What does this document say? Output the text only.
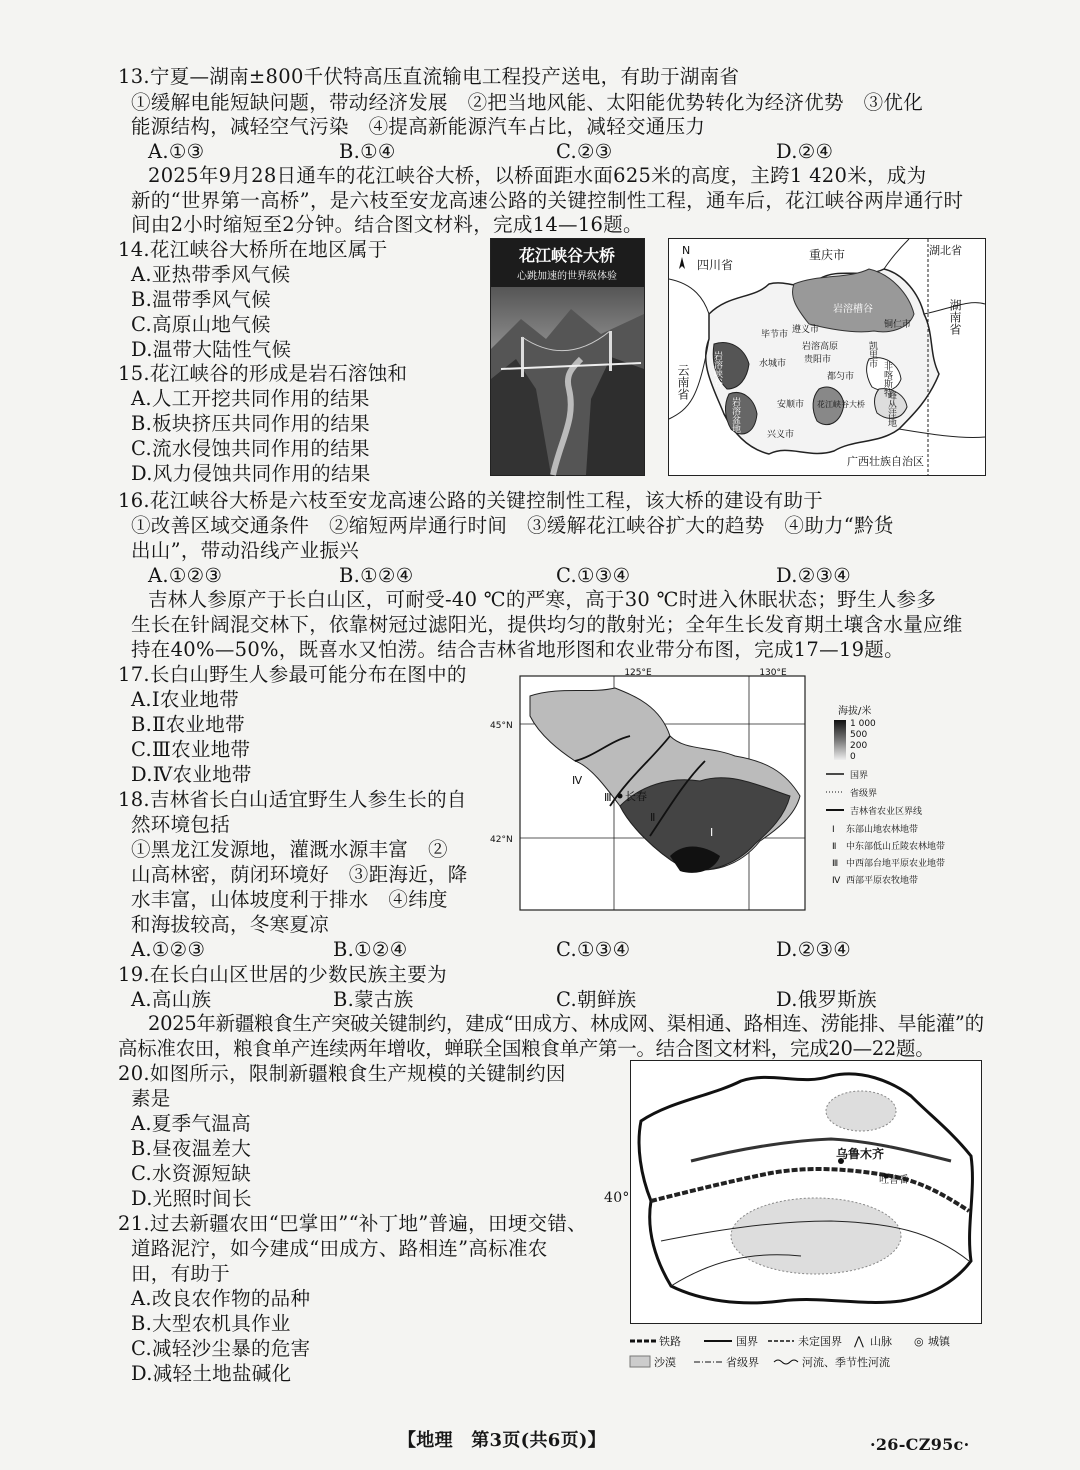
13.宁夏—湖南±800千伏特高压直流输电工程投产送电，有助于湖南省
①缓解电能短缺问题，带动经济发展　②把当地风能、太阳能优势转化为经济优势　③优化
能源结构，减轻空气污染　④提高新能源汽车占比，减轻交通压力
A.①③	B.①④	C.②③	D.②④
2025年9月28日通车的花江峡谷大桥，以桥面距水面625米的高度，主跨1 420米，成为
新的“世界第一高桥”，是六枝至安龙高速公路的关键控制性工程，通车后，花江峡谷两岸通行时
间由2小时缩短至2分钟。结合图文材料，完成14—16题。
14.花江峡谷大桥所在地区属于
A.亚热带季风气候
B.温带季风气候
C.高原山地气候
D.温带大陆性气候
15.花江峡谷的形成是岩石溶蚀和
A.人工开挖共同作用的结果
B.板块挤压共同作用的结果
C.流水侵蚀共同作用的结果
D.风力侵蚀共同作用的结果
16.花江峡谷大桥是六枝至安龙高速公路的关键控制性工程，该大桥的建设有助于
①改善区域交通条件　②缩短两岸通行时间　③缓解花江峡谷扩大的趋势　④助力“黔货
出山”，带动沿线产业振兴
A.①②③	B.①②④	C.①③④	D.②③④
吉林人参原产于长白山区，可耐受-40 ℃的严寒，高于30 ℃时进入休眠状态；野生人参多
生长在针阔混交林下，依靠树冠过滤阳光，提供均匀的散射光；全年生长发育期土壤含水量应维
持在40%—50%，既喜水又怕涝。结合吉林省地形图和农业带分布图，完成17—19题。
17.长白山野生人参最可能分布在图中的
A.Ⅰ农业地带
B.Ⅱ农业地带
C.Ⅲ农业地带
D.Ⅳ农业地带
18.吉林省长白山适宜野生人参生长的自
然环境包括
①黑龙江发源地，灌溉水源丰富　②
山高林密，荫闭环境好　③距海近，降
水丰富，山体坡度利于排水　④纬度
和海拔较高，冬寒夏凉
A.①②③	B.①②④	C.①③④	D.②③④
19.在长白山区世居的少数民族主要为
A.高山族	B.蒙古族	C.朝鲜族	D.俄罗斯族
2025年新疆粮食生产突破关键制约，建成“田成方、林成网、渠相通、路相连、涝能排、旱能灌”的
高标准农田，粮食单产连续两年增收，蝉联全国粮食单产第一。结合图文材料，完成20—22题。
20.如图所示，限制新疆粮食生产规模的关键制约因
素是
A.夏季气温高
B.昼夜温差大
C.水资源短缺
D.光照时间长
21.过去新疆农田“巴掌田”“补丁地”普遍，田埂交错、
道路泥泞，如今建成“田成方、路相连”高标准农
田，有助于
A.改良农作物的品种
B.大型农机具作业
C.减轻沙尘暴的危害
D.减轻土地盐碱化
花江峡谷大桥
心跳加速的世界级体验
N
四川省
重庆市	湖北省
湖南省
云南省
广西壮族自治区
岩溶槽谷
遵义市
毕节市
铜仁市
岩溶高原
贵阳市	凯里市
岩溶峡谷	水城市
都匀市	非喀斯特
岩溶盆地	安顺市 花江峡谷大桥 峰丛洼地
兴义市
125°E	130°E
45°N
42°N
Ⅳ
Ⅲ
Ⅱ
Ⅰ
长春
海拔/米
1 000
500
200
0
国界
省级界
吉林省农业区界线
Ⅰ 东部山地农林地带
Ⅱ 中东部低山丘陵农林地带
Ⅲ 中西部台地平原农业地带
Ⅳ 西部平原农牧地带
乌鲁木齐
吐鲁番
40°
铁路	国界	未定国界 ⋀ 山脉 ◎ 城镇
沙漠	省级界	河流、季节性河流
【地理　第3页(共6页)】	·26-CZ95c·
